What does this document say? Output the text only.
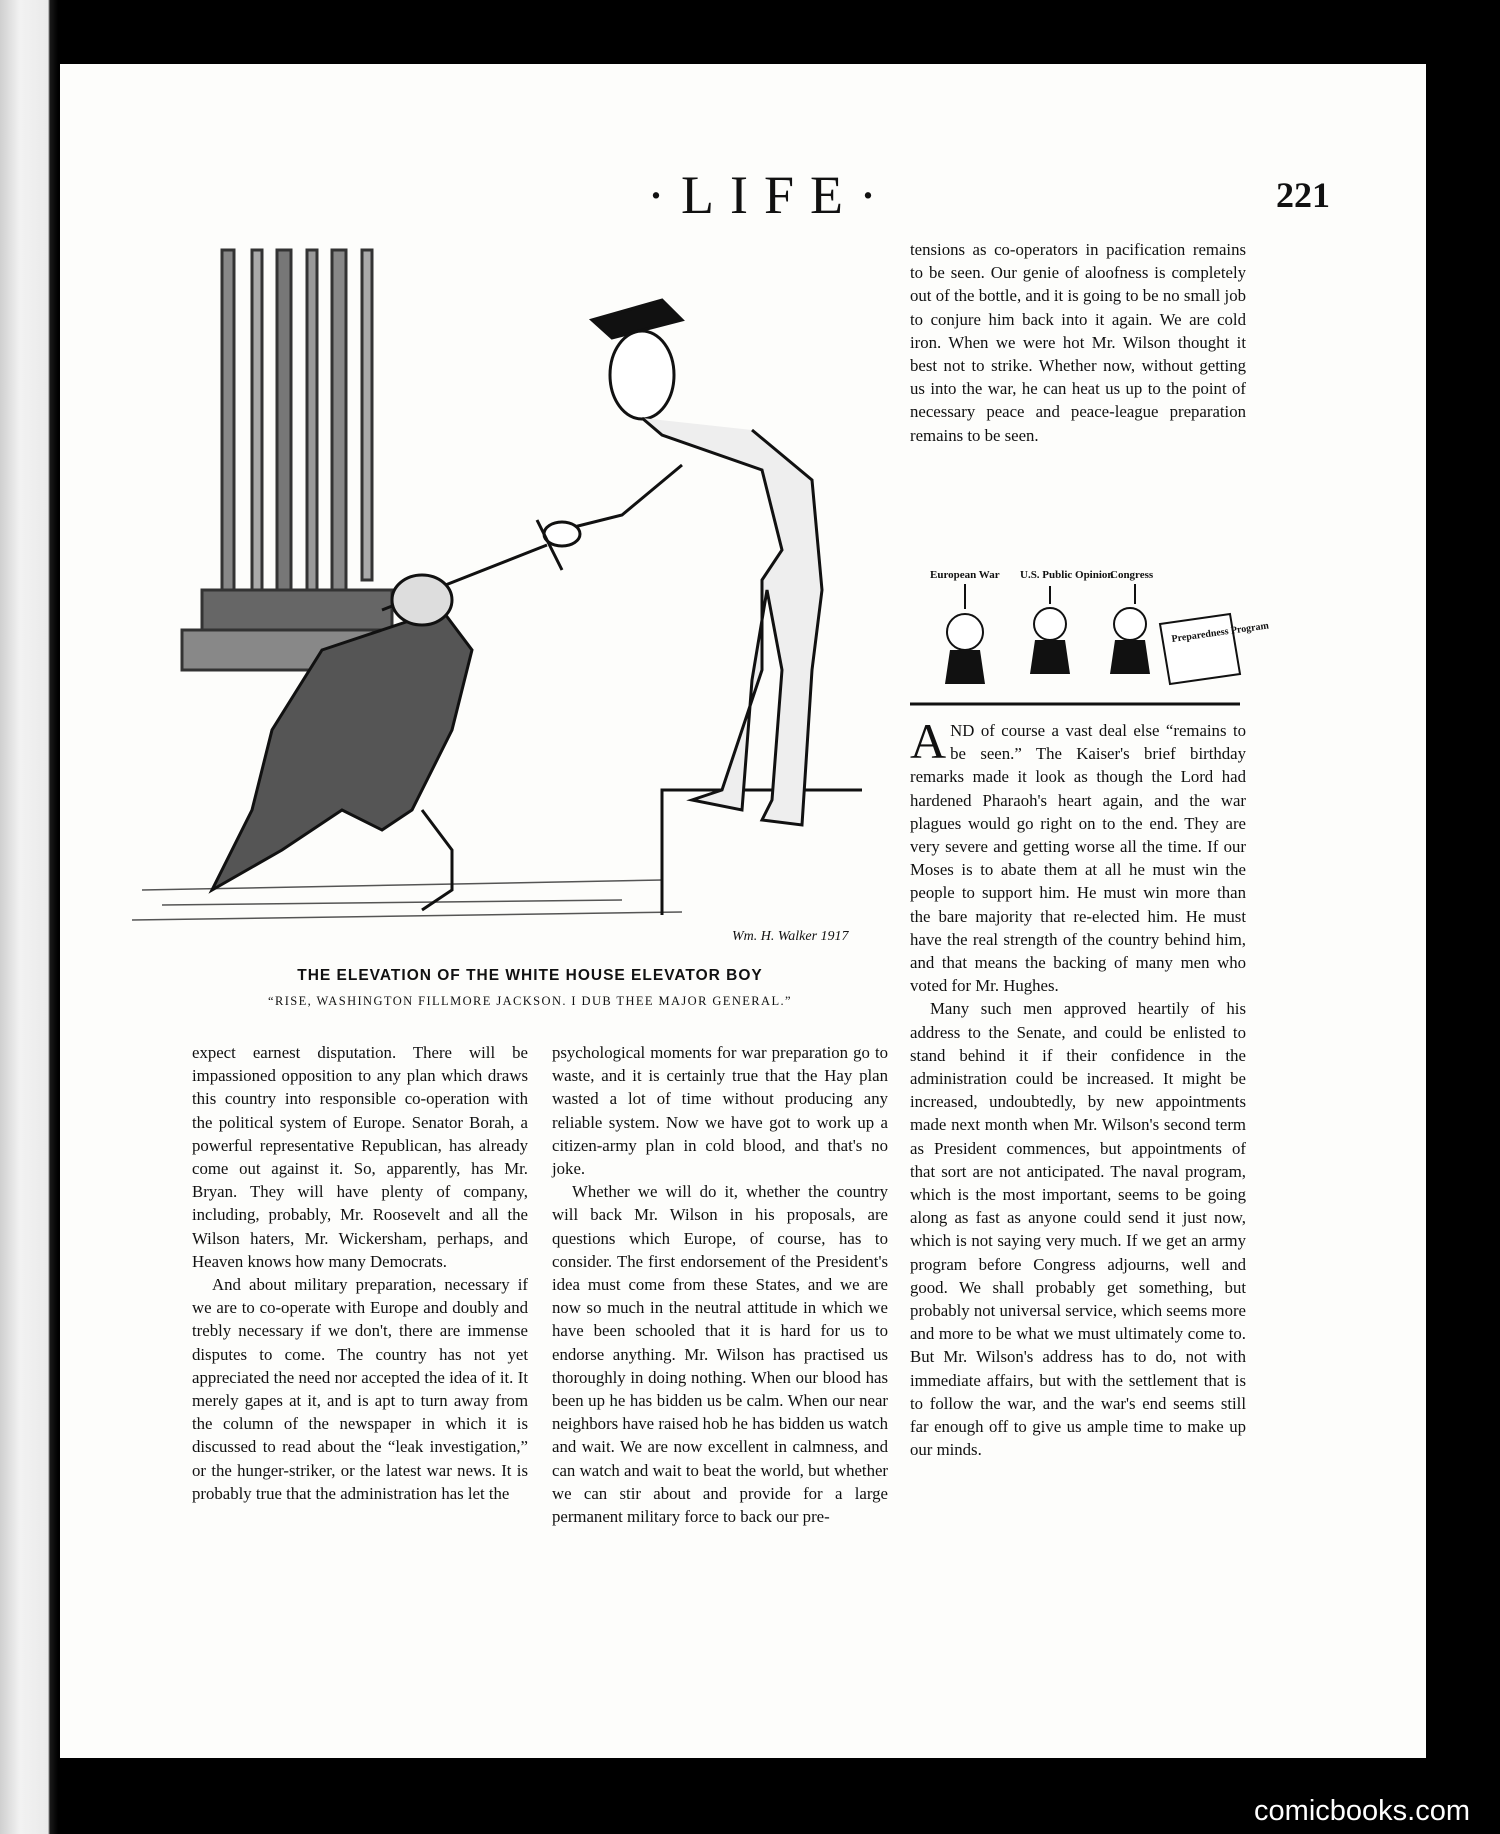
·LIFE·	221
Wm. H. Walker 1917
THE ELEVATION OF THE WHITE HOUSE ELEVATOR BOY
“RISE, WASHINGTON FILLMORE JACKSON. I DUB THEE MAJOR GENERAL.”

expect earnest disputation. There will be impassioned opposition to any plan which draws this country into responsible co-operation with the political system of Europe. Senator Borah, a powerful representative Republican, has already come out against it. So, apparently, has Mr. Bryan. They will have plenty of company, including, probably, Mr. Roosevelt and all the Wilson haters, Mr. Wickersham, perhaps, and Heaven knows how many Democrats.

And about military preparation, necessary if we are to co-operate with Europe and doubly and trebly necessary if we don't, there are immense disputes to come. The country has not yet appreciated the need nor accepted the idea of it. It merely gapes at it, and is apt to turn away from the column of the newspaper in which it is discussed to read about the “leak investigation,” or the hunger-striker, or the latest war news. It is probably true that the administration has let the

psychological moments for war preparation go to waste, and it is certainly true that the Hay plan wasted a lot of time without producing any reliable system. Now we have got to work up a citizen-army plan in cold blood, and that's no joke.

Whether we will do it, whether the country will back Mr. Wilson in his proposals, are questions which Europe, of course, has to consider. The first endorsement of the President's idea must come from these States, and we are now so much in the neutral attitude in which we have been schooled that it is hard for us to endorse anything. Mr. Wilson has practised us thoroughly in doing nothing. When our blood has been up he has bidden us be calm. When our near neighbors have raised hob he has bidden us watch and wait. We are now excellent in calmness, and can watch and wait to beat the world, but whether we can stir about and provide for a large permanent military force to back our pre-

tensions as co-operators in pacification remains to be seen. Our genie of aloofness is completely out of the bottle, and it is going to be no small job to conjure him back into it again. We are cold iron. When we were hot Mr. Wilson thought it best not to strike. Whether now, without getting us into the war, he can heat us up to the point of necessary peace and peace-league preparation remains to be seen.

European War U.S. Public Opinion
Congress
Preparedness Program

AND of course a vast deal else “remains to be seen.” The Kaiser's brief birthday remarks made it look as though the Lord had hardened Pharaoh's heart again, and the war plagues would go right on to the end. They are very severe and getting worse all the time. If our Moses is to abate them at all he must win the people to support him. He must win more than the bare majority that re-elected him. He must have the real strength of the country behind him, and that means the backing of many men who voted for Mr. Hughes.

Many such men approved heartily of his address to the Senate, and could be enlisted to stand behind it if their confidence in the administration could be increased. It might be increased, undoubtedly, by new appointments made next month when Mr. Wilson's second term as President commences, but appointments of that sort are not anticipated. The naval program, which is the most important, seems to be going along as fast as anyone could send it just now, which is not saying very much. If we get an army program before Congress adjourns, well and good. We shall probably get something, but probably not universal service, which seems more and more to be what we must ultimately come to. But Mr. Wilson's address has to do, not with immediate affairs, but with the settlement that is to follow the war, and the war's end seems still far enough off to give us ample time to make up our minds.

comicbooks.com
